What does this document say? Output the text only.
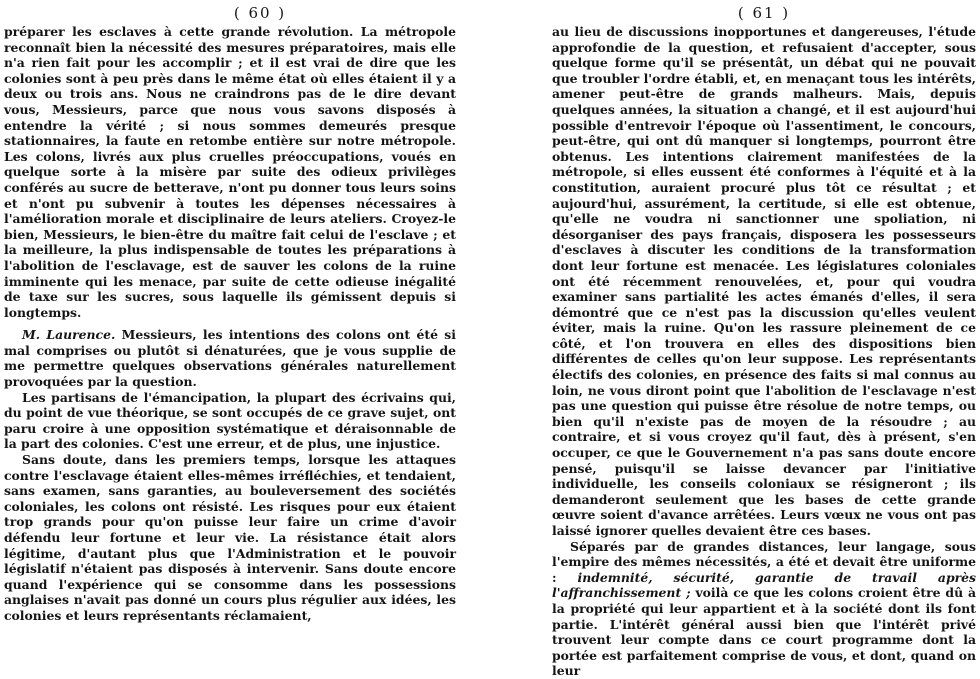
( 60 )

préparer les esclaves à cette grande révolution. La métropole reconnaît bien la nécessité des mesures préparatoires, mais elle n'a rien fait pour les accomplir ; et il est vrai de dire que les colonies sont à peu près dans le même état où elles étaient il y a deux ou trois ans. Nous ne craindrons pas de le dire devant vous, Messieurs, parce que nous vous savons disposés à entendre la vérité ; si nous sommes demeurés presque stationnaires, la faute en retombe entière sur notre métropole. Les colons, livrés aux plus cruelles préoccupations, voués en quelque sorte à la misère par suite des odieux privilèges conférés au sucre de betterave, n'ont pu donner tous leurs soins et n'ont pu subvenir à toutes les dépenses nécessaires à l'amélioration morale et disciplinaire de leurs ateliers. Croyez-le bien, Messieurs, le bien-être du maître fait celui de l'esclave ; et la meilleure, la plus indispensable de toutes les préparations à l'abolition de l'esclavage, est de sauver les colons de la ruine imminente qui les menace, par suite de cette odieuse inégalité de taxe sur les sucres, sous laquelle ils gémissent depuis si longtemps.

M. Laurence. Messieurs, les intentions des colons ont été si mal comprises ou plutôt si dénaturées, que je vous supplie de me permettre quelques observations générales naturellement provoquées par la question.

Les partisans de l'émancipation, la plupart des écrivains qui, du point de vue théorique, se sont occupés de ce grave sujet, ont paru croire à une opposition systématique et déraisonnable de la part des colonies. C'est une erreur, et de plus, une injustice.

Sans doute, dans les premiers temps, lorsque les attaques contre l'esclavage étaient elles-mêmes irréfléchies, et tendaient, sans examen, sans garanties, au bouleversement des sociétés coloniales, les colons ont résisté. Les risques pour eux étaient trop grands pour qu'on puisse leur faire un crime d'avoir défendu leur fortune et leur vie. La résistance était alors légitime, d'autant plus que l'Administration et le pouvoir législatif n'étaient pas disposés à intervenir. Sans doute encore quand l'expérience qui se consomme dans les possessions anglaises n'avait pas donné un cours plus régulier aux idées, les colonies et leurs représentants réclamaient,

( 61 )

au lieu de discussions inopportunes et dangereuses, l'étude approfondie de la question, et refusaient d'accepter, sous quelque forme qu'il se présentât, un débat qui ne pouvait que troubler l'ordre établi, et, en menaçant tous les intérêts, amener peut-être de grands malheurs. Mais, depuis quelques années, la situation a changé, et il est aujourd'hui possible d'entrevoir l'époque où l'assentiment, le concours, peut-être, qui ont dû manquer si longtemps, pourront être obtenus. Les intentions clairement manifestées de la métropole, si elles eussent été conformes à l'équité et à la constitution, auraient procuré plus tôt ce résultat ; et aujourd'hui, assurément, la certitude, si elle est obtenue, qu'elle ne voudra ni sanctionner une spoliation, ni désorganiser des pays français, disposera les possesseurs d'esclaves à discuter les conditions de la transformation dont leur fortune est menacée. Les législatures coloniales ont été récemment renouvelées, et, pour qui voudra examiner sans partialité les actes émanés d'elles, il sera démontré que ce n'est pas la discussion qu'elles veulent éviter, mais la ruine. Qu'on les rassure pleinement de ce côté, et l'on trouvera en elles des dispositions bien différentes de celles qu'on leur suppose. Les représentants électifs des colonies, en présence des faits si mal connus au loin, ne vous diront point que l'abolition de l'esclavage n'est pas une question qui puisse être résolue de notre temps, ou bien qu'il n'existe pas de moyen de la résoudre ; au contraire, et si vous croyez qu'il faut, dès à présent, s'en occuper, ce que le Gouvernement n'a pas sans doute encore pensé, puisqu'il se laisse devancer par l'initiative individuelle, les conseils coloniaux se résigneront ; ils demanderont seulement que les bases de cette grande œuvre soient d'avance arrêtées. Leurs vœux ne vous ont pas laissé ignorer quelles devaient être ces bases.

Séparés par de grandes distances, leur langage, sous l'empire des mêmes nécessités, a été et devait être uniforme : indemnité, sécurité, garantie de travail après l'affranchissement ; voilà ce que les colons croient être dû à la propriété qui leur appartient et à la société dont ils font partie. L'intérêt général aussi bien que l'intérêt privé trouvent leur compte dans ce court programme dont la portée est parfaitement comprise de vous, et dont, quand on leur
